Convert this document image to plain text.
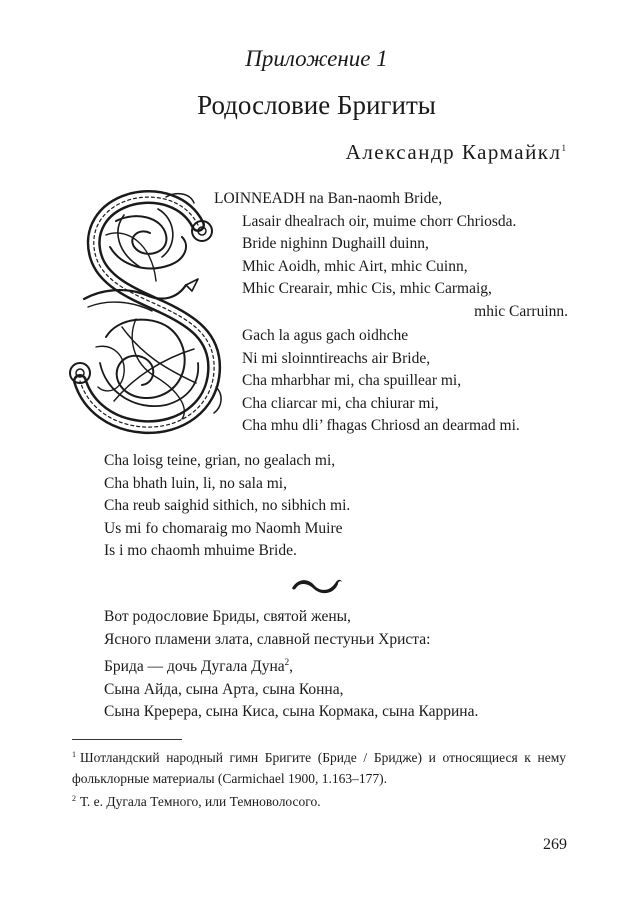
Приложение 1
Родословие Бригиты
Александр Кармайкл$^1$
LOINNEADH na Ban-naomh Bride,
Lasair dhealrach oir, muime chorr Chriosda.
Bride nighinn Dughaill duinn,
Mhic Aoidh, mhic Airt, mhic Cuinn,
Mhic Crearair, mhic Cis, mhic Carmaig,
mhic Carruinn.
Gach la agus gach oidhche
Ni mi sloinntireachs air Bride,
Cha mharbhar mi, cha spuillear mi,
Cha cliarcar mi, cha chiurar mi,
Cha mhu dli’ fhagas Chriosd an dearmad mi.
Cha loisg teine, grian, no gealach mi,
Cha bhath luin, li, no sala mi,
Cha reub saighid sithich, no sibhich mi.
Us mi fo chomaraig mo Naomh Muire
Is i mo chaomh mhuime Bride.
Вот родословие Бриды, святой жены,
Ясного пламени злата, славной пестуньи Христа:
Брида — дочь Дугала Дуна$^2$,
Сына Айда, сына Арта, сына Конна,
Сына Кререра, сына Киса, сына Кормака, сына Каррина.
$^1$ Шотландский народный гимн Бригите (Бриде / Бридже) и относящиеся к нему фольклорные материалы (Carmichael 1900, 1.163–177).
$^2$ Т. е. Дугала Темного, или Темноволосого.
269
